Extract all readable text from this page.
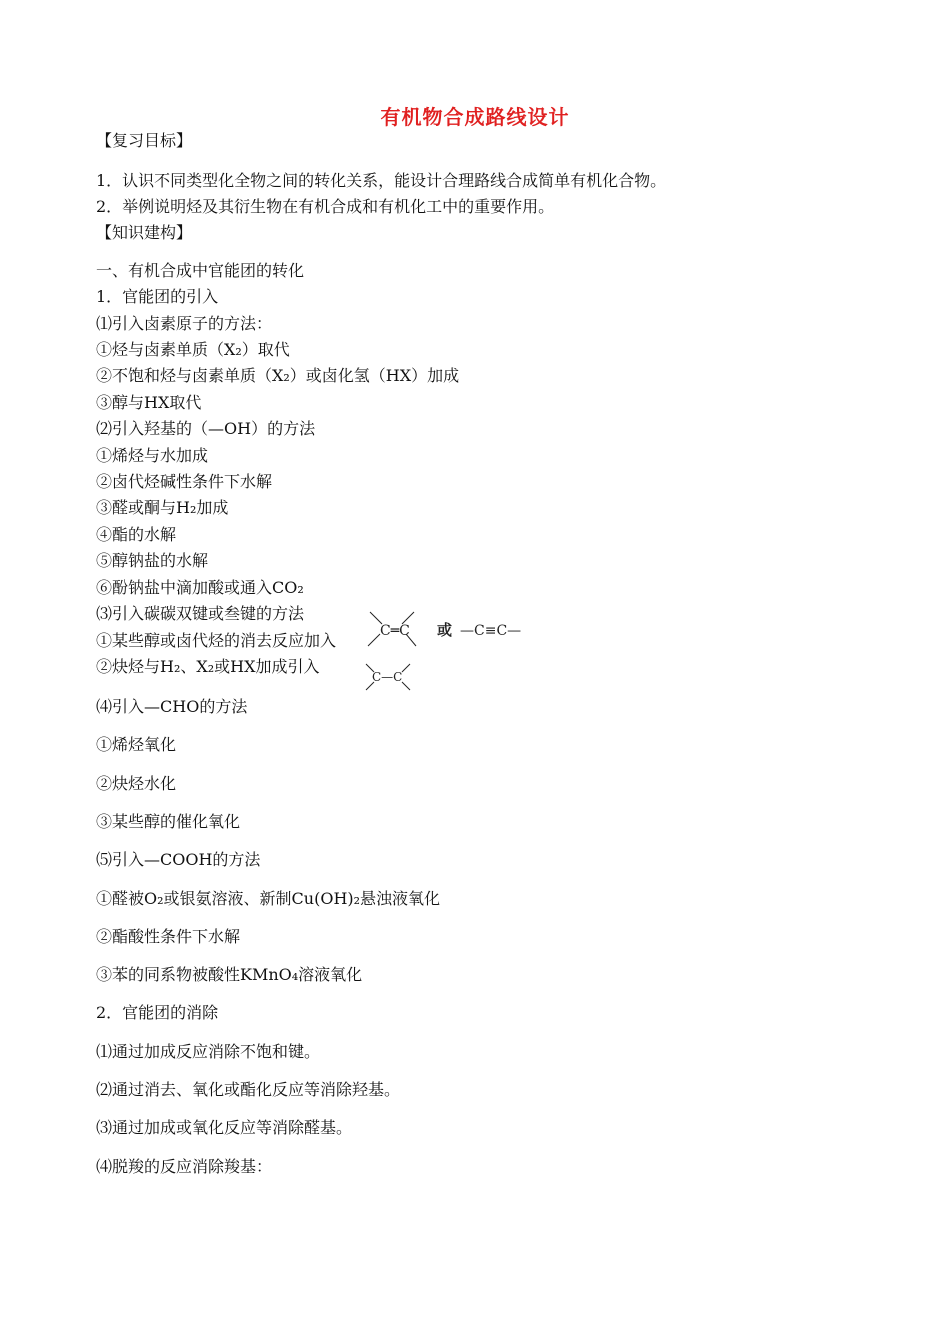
有机物合成路线设计
【复习目标】
1．认识不同类型化全物之间的转化关系，能设计合理路线合成简单有机化合物。
2．举例说明烃及其衍生物在有机合成和有机化工中的重要作用。
【知识建构】
一、有机合成中官能团的转化
1．官能团的引入
⑴引入卤素原子的方法：
①烃与卤素单质（X₂）取代
②不饱和烃与卤素单质（X₂）或卤化氢（HX）加成
③醇与HX取代
⑵引入羟基的（—OH）的方法
①烯烃与水加成
②卤代烃碱性条件下水解
③醛或酮与H₂加成
④酯的水解
⑤醇钠盐的水解
⑥酚钠盐中滴加酸或通入CO₂
⑶引入碳碳双键或叁键的方法
①某些醇或卤代烃的消去反应加入
②炔烃与H₂、X₂或HX加成引入
C═C 或 —C≡C—
C—C
⑷引入—CHO的方法
①烯烃氧化
②炔烃水化
③某些醇的催化氧化
⑸引入—COOH的方法
①醛被O₂或银氨溶液、新制Cu(OH)₂悬浊液氧化
②酯酸性条件下水解
③苯的同系物被酸性KMnO₄溶液氧化
2．官能团的消除
⑴通过加成反应消除不饱和键。
⑵通过消去、氧化或酯化反应等消除羟基。
⑶通过加成或氧化反应等消除醛基。
⑷脱羧的反应消除羧基：
